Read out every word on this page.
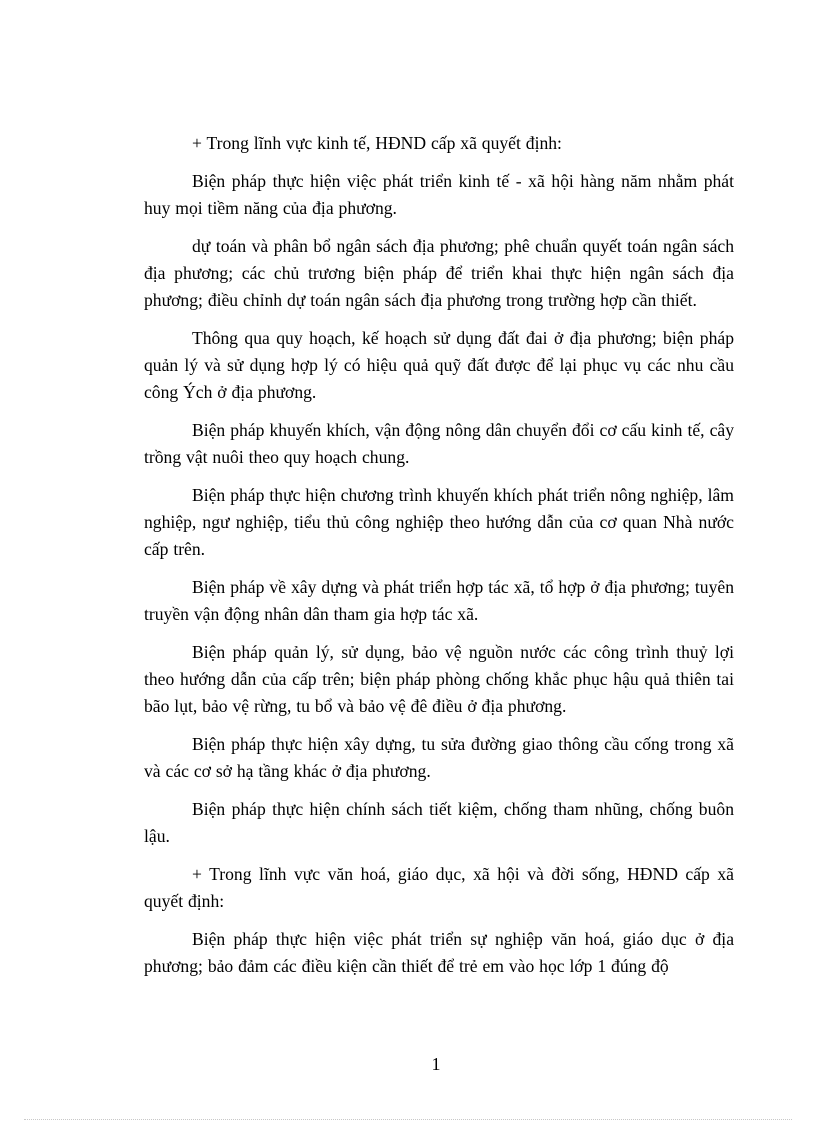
+ Trong lĩnh vực kinh tế, HĐND cấp xã quyết định:

Biện pháp thực hiện việc phát triển kinh tế - xã hội hàng năm nhằm phát huy mọi tiềm năng của địa phương.

dự toán và phân bổ ngân sách địa phương; phê chuẩn quyết toán ngân sách địa phương; các chủ trương biện pháp để triển khai thực hiện ngân sách địa phương; điều chỉnh dự toán ngân sách địa phương trong trường hợp cần thiết.

Thông qua quy hoạch, kế hoạch sử dụng đất đai ở địa phương; biện pháp quản lý và sử dụng hợp lý có hiệu quả quỹ đất được để lại phục vụ các nhu cầu công Ých ở địa phương.

Biện pháp khuyến khích, vận động nông dân chuyển đổi cơ cấu kinh tế, cây trồng vật nuôi theo quy hoạch chung.

Biện pháp thực hiện chương trình khuyến khích phát triển nông nghiệp, lâm nghiệp, ngư nghiệp, tiểu thủ công nghiệp theo hướng dẫn của cơ quan Nhà nước cấp trên.

Biện pháp về xây dựng và phát triển hợp tác xã, tổ hợp ở địa phương; tuyên truyền vận động nhân dân tham gia hợp tác xã.

Biện pháp quản lý, sử dụng, bảo vệ nguồn nước các công trình thuỷ lợi theo hướng dẫn của cấp trên; biện pháp phòng chống khắc phục hậu quả thiên tai bão lụt, bảo vệ rừng, tu bổ và bảo vệ đê điều ở địa phương.

Biện pháp thực hiện xây dựng, tu sửa đường giao thông cầu cống trong xã và các cơ sở hạ tầng khác ở địa phương.

Biện pháp thực hiện chính sách tiết kiệm, chống tham nhũng, chống buôn lậu.

+ Trong lĩnh vực văn hoá, giáo dục, xã hội và đời sống, HĐND cấp xã quyết định:

Biện pháp thực hiện việc phát triển sự nghiệp văn hoá, giáo dục ở địa phương; bảo đảm các điều kiện cần thiết để trẻ em vào học lớp 1 đúng độ

1
